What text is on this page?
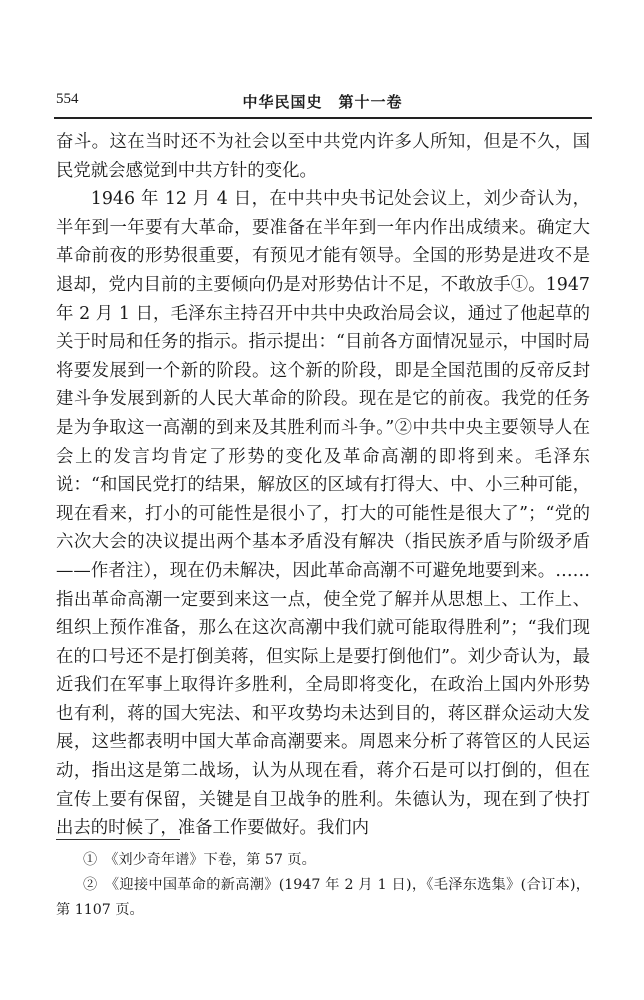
554	中华民国史　第十一卷

奋斗。这在当时还不为社会以至中共党内许多人所知，但是不久，国民党就会感觉到中共方针的变化。

1946 年 12 月 4 日，在中共中央书记处会议上，刘少奇认为，半年到一年要有大革命，要准备在半年到一年内作出成绩来。确定大革命前夜的形势很重要，有预见才能有领导。全国的形势是进攻不是退却，党内目前的主要倾向仍是对形势估计不足，不敢放手①。1947 年 2 月 1 日，毛泽东主持召开中共中央政治局会议，通过了他起草的关于时局和任务的指示。指示提出：“目前各方面情况显示，中国时局将要发展到一个新的阶段。这个新的阶段，即是全国范围的反帝反封建斗争发展到新的人民大革命的阶段。现在是它的前夜。我党的任务是为争取这一高潮的到来及其胜利而斗争。”②中共中央主要领导人在会上的发言均肯定了形势的变化及革命高潮的即将到来。毛泽东说：“和国民党打的结果，解放区的区域有打得大、中、小三种可能，现在看来，打小的可能性是很小了，打大的可能性是很大了”；“党的六次大会的决议提出两个基本矛盾没有解决（指民族矛盾与阶级矛盾——作者注），现在仍未解决，因此革命高潮不可避免地要到来。……指出革命高潮一定要到来这一点，使全党了解并从思想上、工作上、组织上预作准备，那么在这次高潮中我们就可能取得胜利”；“我们现在的口号还不是打倒美蒋，但实际上是要打倒他们”。刘少奇认为，最近我们在军事上取得许多胜利，全局即将变化，在政治上国内外形势也有利，蒋的国大宪法、和平攻势均未达到目的，蒋区群众运动大发展，这些都表明中国大革命高潮要来。周恩来分析了蒋管区的人民运动，指出这是第二战场，认为从现在看，蒋介石是可以打倒的，但在宣传上要有保留，关键是自卫战争的胜利。朱德认为，现在到了快打出去的时候了，准备工作要做好。我们内

①　《刘少奇年谱》下卷，第 57 页。

②　《迎接中国革命的新高潮》(1947 年 2 月 1 日)，《毛泽东选集》(合订本)，第 1107 页。
